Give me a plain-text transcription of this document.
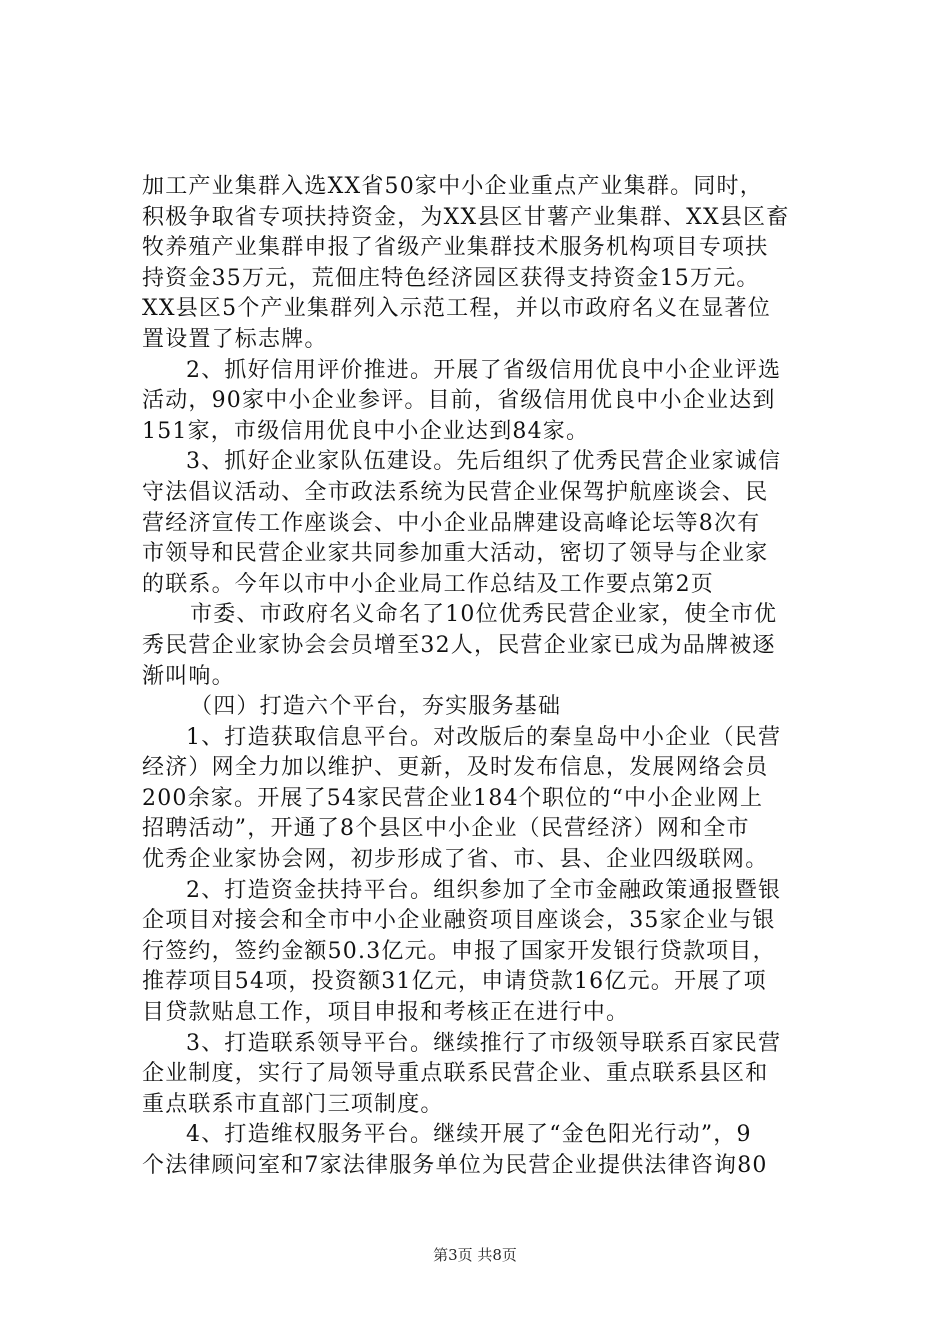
加工产业集群入选XX省50家中小企业重点产业集群。同时，
积极争取省专项扶持资金，为XX县区甘薯产业集群、XX县区畜
牧养殖产业集群申报了省级产业集群技术服务机构项目专项扶
持资金35万元，荒佃庄特色经济园区获得支持资金15万元。
XX县区5个产业集群列入示范工程，并以市政府名义在显著位
置设置了标志牌。
2、抓好信用评价推进。开展了省级信用优良中小企业评选
活动，90家中小企业参评。目前，省级信用优良中小企业达到
151家，市级信用优良中小企业达到84家。
3、抓好企业家队伍建设。先后组织了优秀民营企业家诚信
守法倡议活动、全市政法系统为民营企业保驾护航座谈会、民
营经济宣传工作座谈会、中小企业品牌建设高峰论坛等8次有
市领导和民营企业家共同参加重大活动，密切了领导与企业家
的联系。今年以市中小企业局工作总结及工作要点第2页
市委、市政府名义命名了10位优秀民营企业家，使全市优
秀民营企业家协会会员增至32人，民营企业家已成为品牌被逐
渐叫响。
（四）打造六个平台，夯实服务基础
1、打造获取信息平台。对改版后的秦皇岛中小企业（民营
经济）网全力加以维护、更新，及时发布信息，发展网络会员
200余家。开展了54家民营企业184个职位的“中小企业网上
招聘活动”，开通了8个县区中小企业（民营经济）网和全市
优秀企业家协会网，初步形成了省、市、县、企业四级联网。
2、打造资金扶持平台。组织参加了全市金融政策通报暨银
企项目对接会和全市中小企业融资项目座谈会，35家企业与银
行签约，签约金额50.3亿元。申报了国家开发银行贷款项目，
推荐项目54项，投资额31亿元，申请贷款16亿元。开展了项
目贷款贴息工作，项目申报和考核正在进行中。
3、打造联系领导平台。继续推行了市级领导联系百家民营
企业制度，实行了局领导重点联系民营企业、重点联系县区和
重点联系市直部门三项制度。
4、打造维权服务平台。继续开展了“金色阳光行动”，9
个法律顾问室和7家法律服务单位为民营企业提供法律咨询80
第3页 共8页
